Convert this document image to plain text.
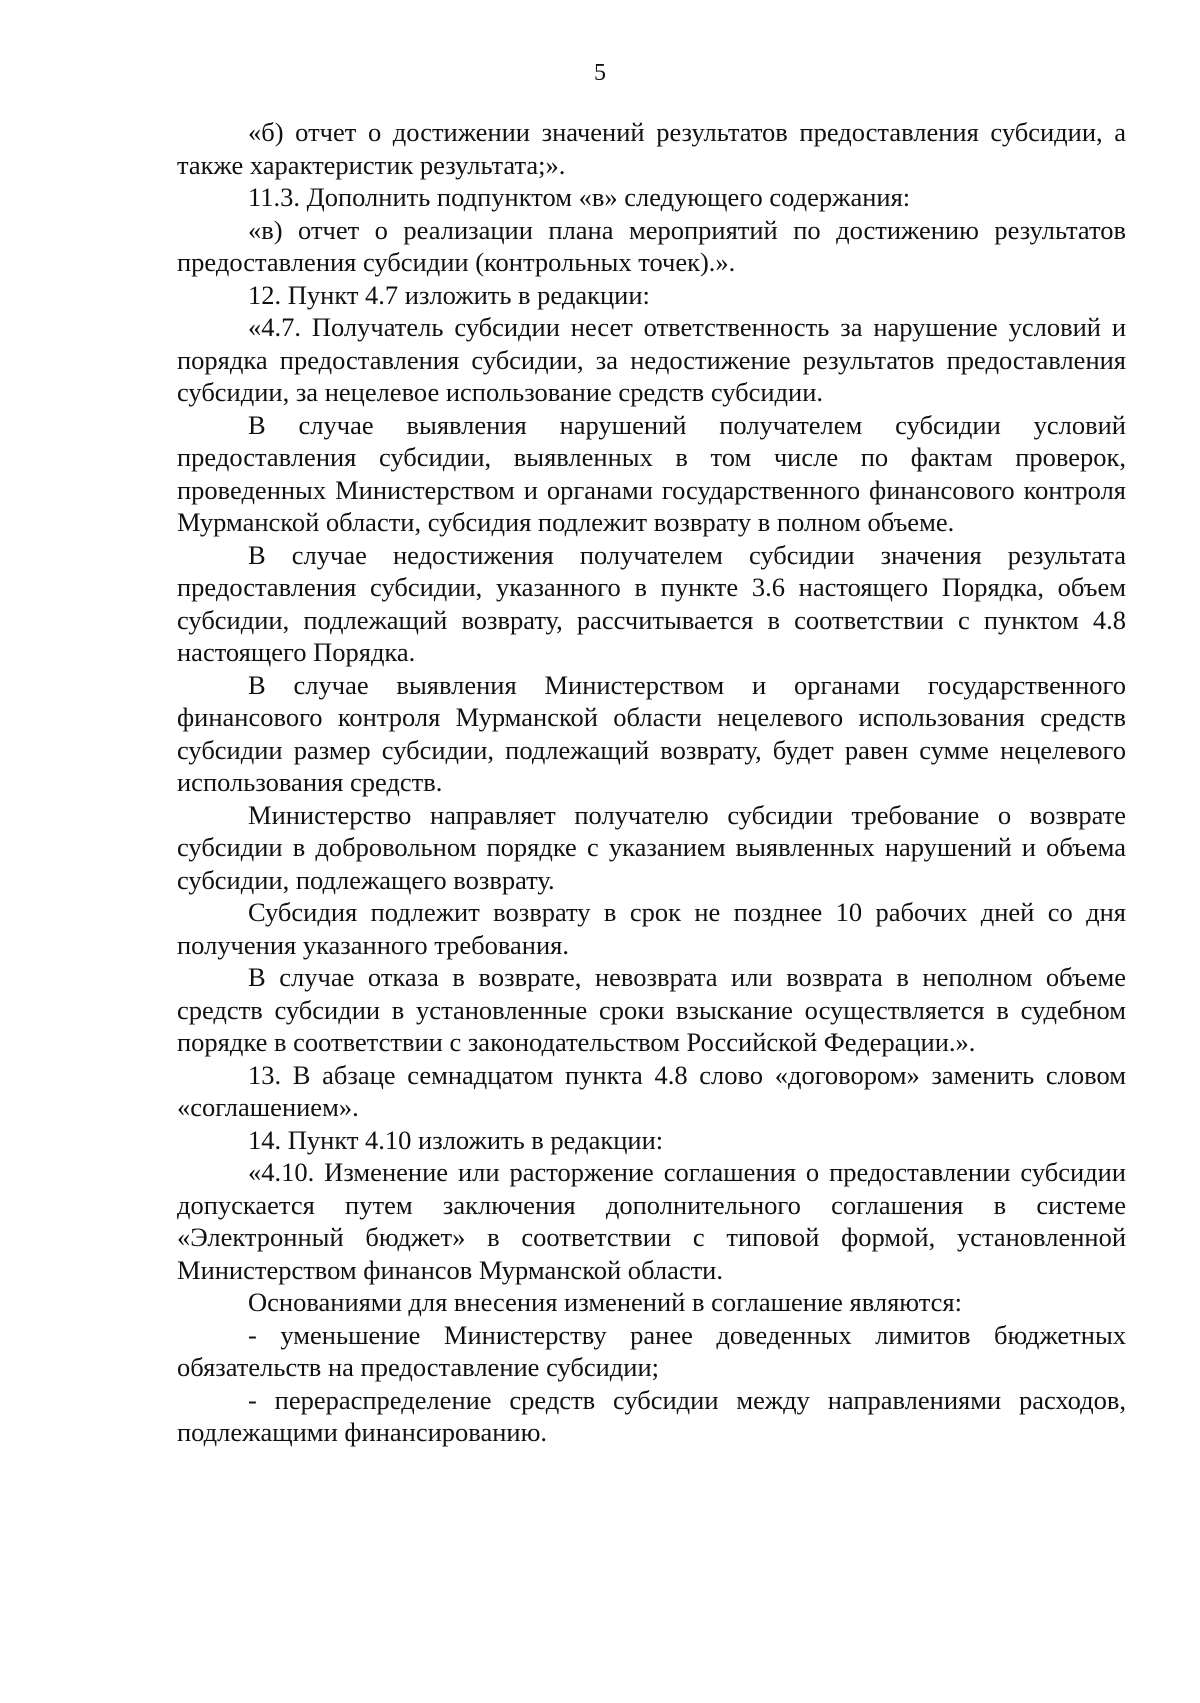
5

«б) отчет о достижении значений результатов предоставления субсидии, а также характеристик результата;».

11.3. Дополнить подпунктом «в» следующего содержания:

«в) отчет о реализации плана мероприятий по достижению результатов предоставления субсидии (контрольных точек).».

12. Пункт 4.7 изложить в редакции:

«4.7. Получатель субсидии несет ответственность за нарушение условий и порядка предоставления субсидии, за недостижение результатов предоставления субсидии, за нецелевое использование средств субсидии.

В случае выявления нарушений получателем субсидии условий предоставления субсидии, выявленных в том числе по фактам проверок, проведенных Министерством и органами государственного финансового контроля Мурманской области, субсидия подлежит возврату в полном объеме.

В случае недостижения получателем субсидии значения результата предоставления субсидии, указанного в пункте 3.6 настоящего Порядка, объем субсидии, подлежащий возврату, рассчитывается в соответствии с пунктом 4.8 настоящего Порядка.

В случае выявления Министерством и органами государственного финансового контроля Мурманской области нецелевого использования средств субсидии размер субсидии, подлежащий возврату, будет равен сумме нецелевого использования средств.

Министерство направляет получателю субсидии требование о возврате субсидии в добровольном порядке с указанием выявленных нарушений и объема субсидии, подлежащего возврату.

Субсидия подлежит возврату в срок не позднее 10 рабочих дней со дня получения указанного требования.

В случае отказа в возврате, невозврата или возврата в неполном объеме средств субсидии в установленные сроки взыскание осуществляется в судебном порядке в соответствии с законодательством Российской Федерации.».

13. В абзаце семнадцатом пункта 4.8 слово «договором» заменить словом «соглашением».

14. Пункт 4.10 изложить в редакции:

«4.10. Изменение или расторжение соглашения о предоставлении субсидии допускается путем заключения дополнительного соглашения в системе «Электронный бюджет» в соответствии с типовой формой, установленной Министерством финансов Мурманской области.

Основаниями для внесения изменений в соглашение являются:

- уменьшение Министерству ранее доведенных лимитов бюджетных обязательств на предоставление субсидии;

- перераспределение средств субсидии между направлениями расходов, подлежащими финансированию.
